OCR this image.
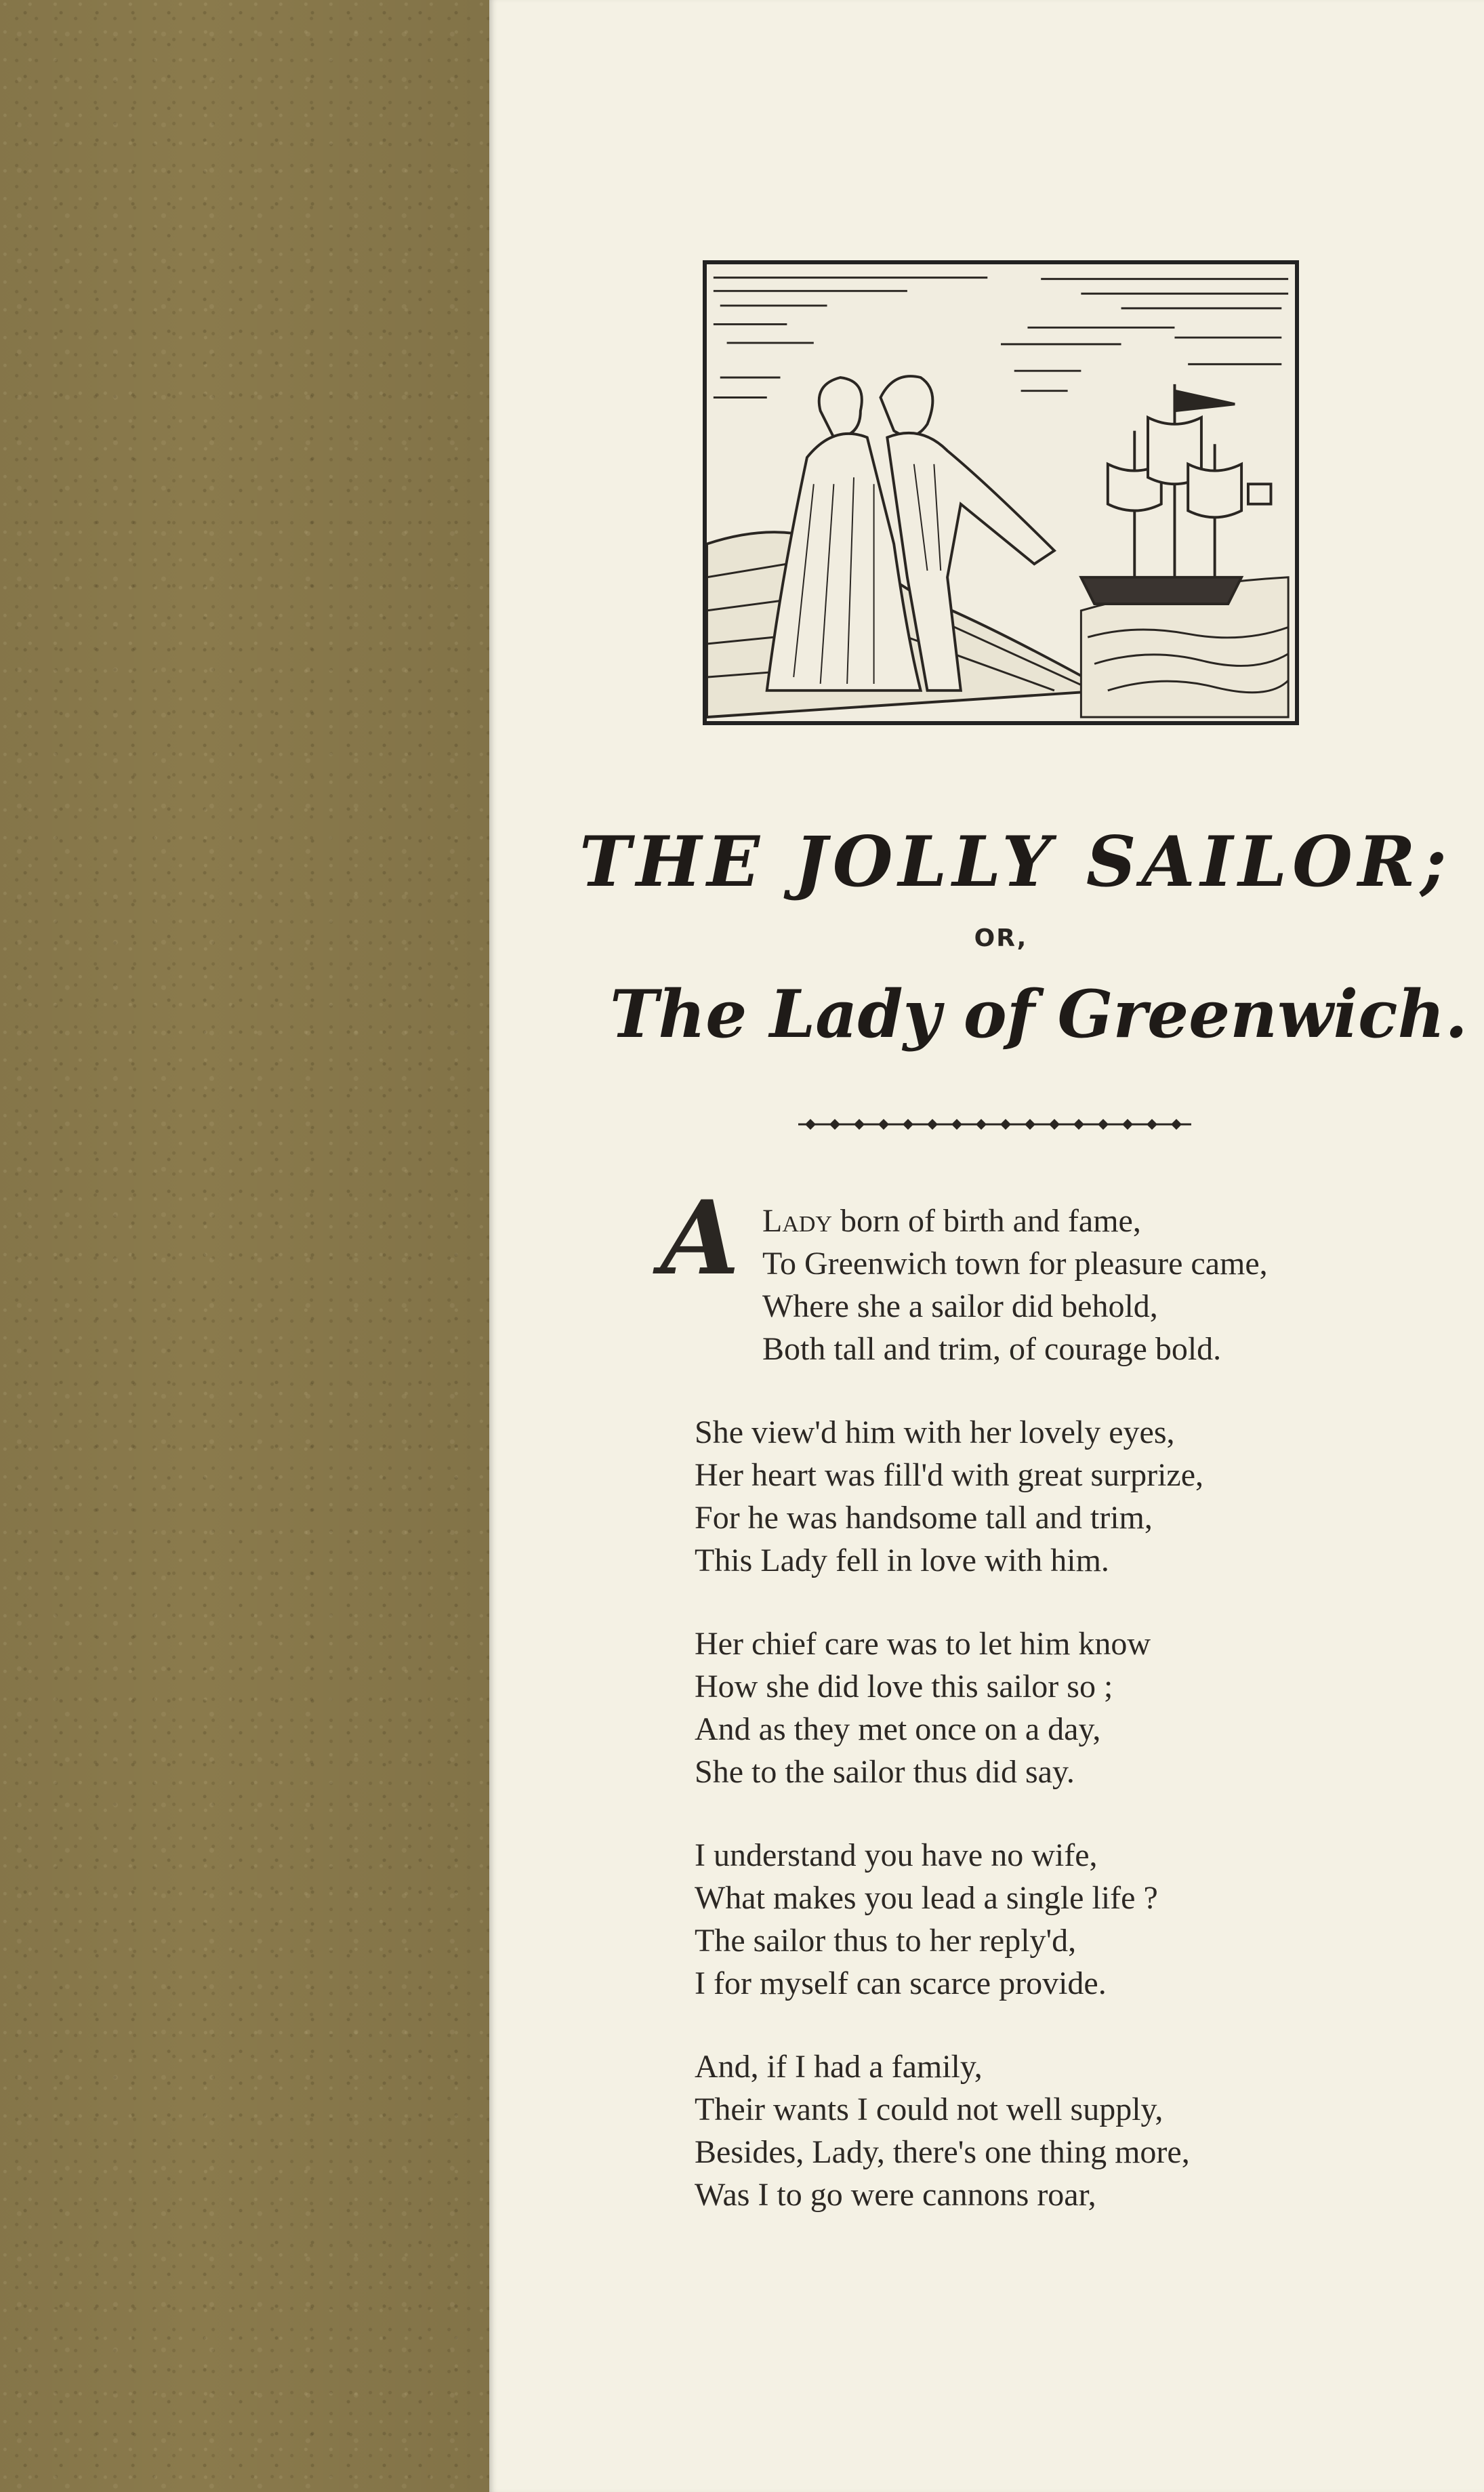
THE JOLLY SAILOR;
OR,
The Lady of Greenwich.
A Lady born of birth and fame,
To Greenwich town for pleasure came,
Where she a sailor did behold,
Both tall and trim, of courage bold.
She view'd him with her lovely eyes,
Her heart was fill'd with great surprize,
For he was handsome tall and trim,
This Lady fell in love with him.
Her chief care was to let him know
How she did love this sailor so ;
And as they met once on a day,
She to the sailor thus did say.
I understand you have no wife,
What makes you lead a single life ?
The sailor thus to her reply'd,
I for myself can scarce provide.
And, if I had a family,
Their wants I could not well supply,
Besides, Lady, there's one thing more,
Was I to go were cannons roar,
